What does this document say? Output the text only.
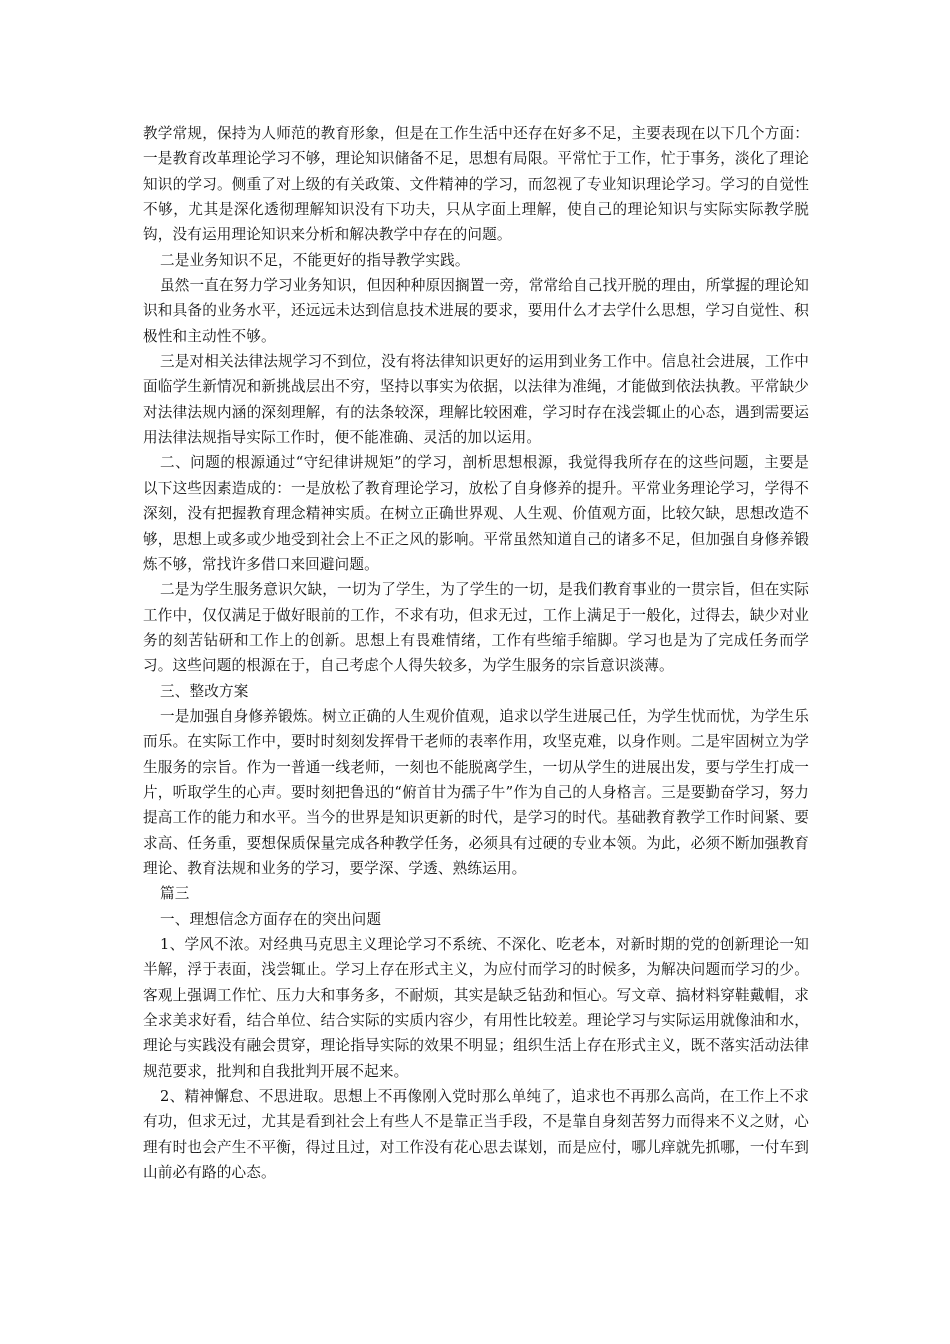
教学常规，保持为人师范的教育形象，但是在工作生活中还存在好多不足，主要表现在以下几个方面：一是教育改革理论学习不够，理论知识储备不足，思想有局限。平常忙于工作，忙于事务，淡化了理论知识的学习。侧重了对上级的有关政策、文件精神的学习，而忽视了专业知识理论学习。学习的自觉性不够，尤其是深化透彻理解知识没有下功夫，只从字面上理解，使自己的理论知识与实际实际教学脱钩，没有运用理论知识来分析和解决教学中存在的问题。

二是业务知识不足，不能更好的指导教学实践。

虽然一直在努力学习业务知识，但因种种原因搁置一旁，常常给自己找开脱的理由，所掌握的理论知识和具备的业务水平，还远远未达到信息技术进展的要求，要用什么才去学什么思想，学习自觉性、积极性和主动性不够。

三是对相关法律法规学习不到位，没有将法律知识更好的运用到业务工作中。信息社会进展，工作中面临学生新情况和新挑战层出不穷，坚持以事实为依据，以法律为准绳，才能做到依法执教。平常缺少对法律法规内涵的深刻理解，有的法条较深，理解比较困难，学习时存在浅尝辄止的心态，遇到需要运用法律法规指导实际工作时，便不能准确、灵活的加以运用。

二、问题的根源通过“守纪律讲规矩”的学习，剖析思想根源，我觉得我所存在的这些问题，主要是以下这些因素造成的：一是放松了教育理论学习，放松了自身修养的提升。平常业务理论学习，学得不深刻，没有把握教育理念精神实质。在树立正确世界观、人生观、价值观方面，比较欠缺，思想改造不够，思想上或多或少地受到社会上不正之风的影响。平常虽然知道自己的诸多不足，但加强自身修养锻炼不够，常找许多借口来回避问题。

二是为学生服务意识欠缺，一切为了学生，为了学生的一切，是我们教育事业的一贯宗旨，但在实际工作中，仅仅满足于做好眼前的工作，不求有功，但求无过，工作上满足于一般化，过得去，缺少对业务的刻苦钻研和工作上的创新。思想上有畏难情绪，工作有些缩手缩脚。学习也是为了完成任务而学习。这些问题的根源在于，自己考虑个人得失较多，为学生服务的宗旨意识淡薄。

三、整改方案

一是加强自身修养锻炼。树立正确的人生观价值观，追求以学生进展己任，为学生忧而忧，为学生乐而乐。在实际工作中，要时时刻刻发挥骨干老师的表率作用，攻坚克难，以身作则。二是牢固树立为学生服务的宗旨。作为一普通一线老师，一刻也不能脱离学生，一切从学生的进展出发，要与学生打成一片，听取学生的心声。要时刻把鲁迅的“俯首甘为孺子牛”作为自己的人身格言。三是要勤奋学习，努力提高工作的能力和水平。当今的世界是知识更新的时代，是学习的时代。基础教育教学工作时间紧、要求高、任务重，要想保质保量完成各种教学任务，必须具有过硬的专业本领。为此，必须不断加强教育理论、教育法规和业务的学习，要学深、学透、熟练运用。

篇三

一、理想信念方面存在的突出问题

1、学风不浓。对经典马克思主义理论学习不系统、不深化、吃老本，对新时期的党的创新理论一知半解，浮于表面，浅尝辄止。学习上存在形式主义，为应付而学习的时候多，为解决问题而学习的少。客观上强调工作忙、压力大和事务多，不耐烦，其实是缺乏钻劲和恒心。写文章、搞材料穿鞋戴帽，求全求美求好看，结合单位、结合实际的实质内容少，有用性比较差。理论学习与实际运用就像油和水，理论与实践没有融会贯穿，理论指导实际的效果不明显；组织生活上存在形式主义，既不落实活动法律规范要求，批判和自我批判开展不起来。

2、精神懈怠、不思进取。思想上不再像刚入党时那么单纯了，追求也不再那么高尚，在工作上不求有功，但求无过，尤其是看到社会上有些人不是靠正当手段，不是靠自身刻苦努力而得来不义之财，心理有时也会产生不平衡，得过且过，对工作没有花心思去谋划，而是应付，哪儿痒就先抓哪，一付车到山前必有路的心态。
